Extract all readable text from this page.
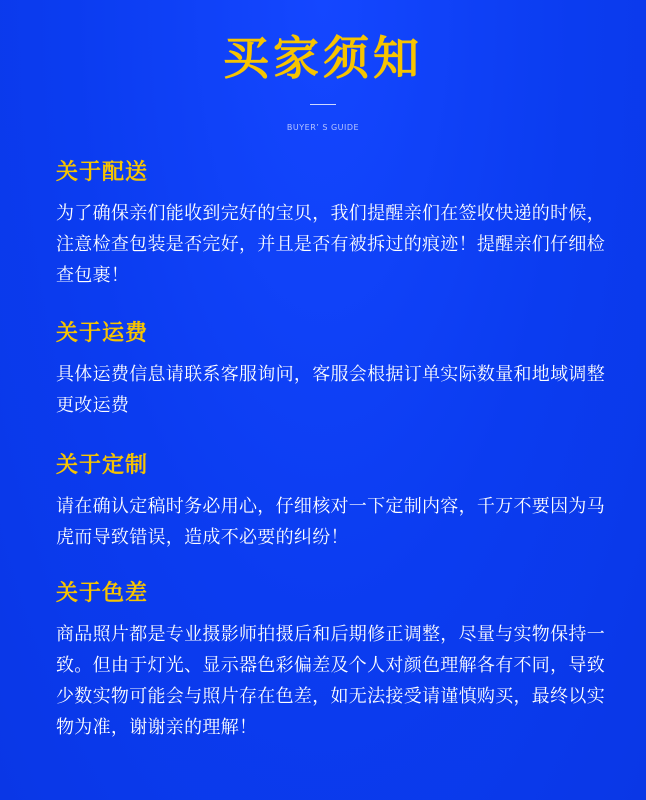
买家须知
BUYER’ S GUIDE
关于配送

为了确保亲们能收到完好的宝贝，我们提醒亲们在签收快递的时候，注意检查包装是否完好，并且是否有被拆过的痕迹！提醒亲们仔细检查包裹！

关于运费

具体运费信息请联系客服询问，客服会根据订单实际数量和地域调整更改运费

关于定制

请在确认定稿时务必用心，仔细核对一下定制内容，千万不要因为马虎而导致错误，造成不必要的纠纷！

关于色差

商品照片都是专业摄影师拍摄后和后期修正调整，尽量与实物保持一致。但由于灯光、显示器色彩偏差及个人对颜色理解各有不同，导致少数实物可能会与照片存在色差，如无法接受请谨慎购买，最终以实物为准，谢谢亲的理解！
